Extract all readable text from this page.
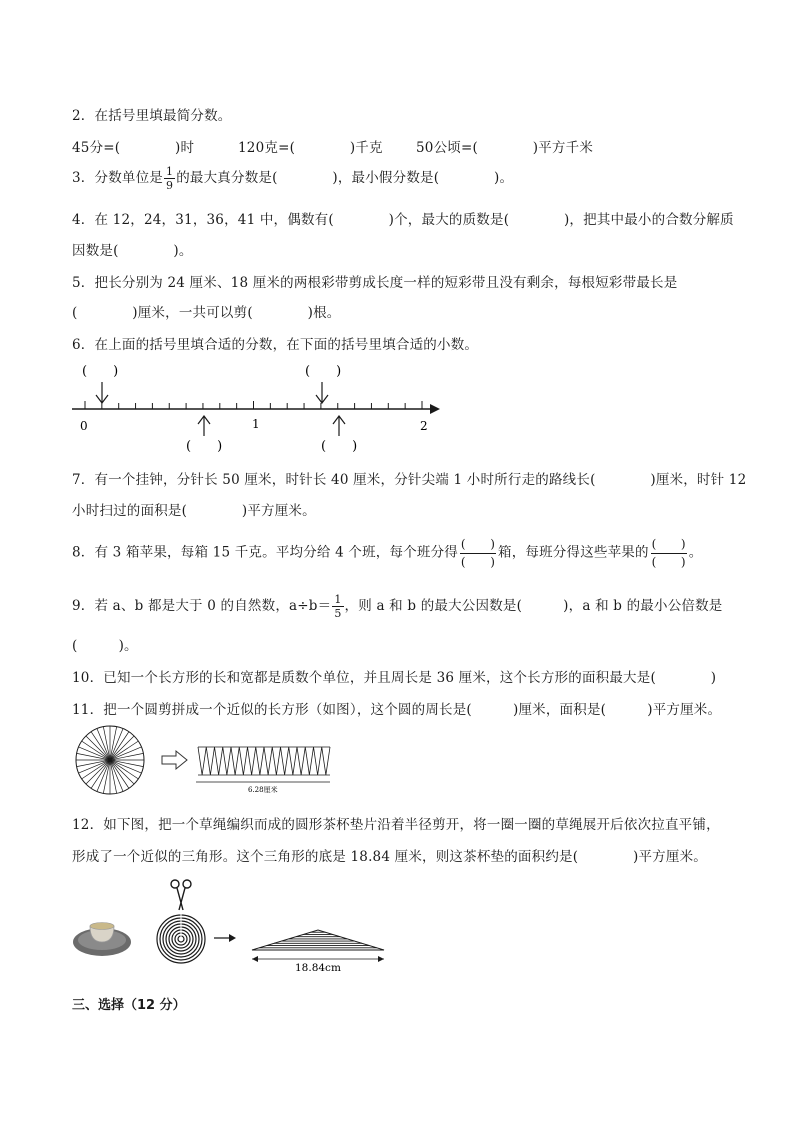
2．在括号里填最简分数。
45分=(　　　　)时	120克=(　　　　)千克 50公顷=(　　　　)平方千米
3．分数单位是 $\frac{1}{9}$ 的最大真分数是(　　　　)，最小假分数是(　　　　)。
4．在 12，24，31，36，41 中，偶数有(　　　　)个，最大的质数是(　　　　)，把其中最小的合数分解质
因数是(　　　　)。
5．把长分别为 24 厘米、18 厘米的两根彩带剪成长度一样的短彩带且没有剩余，每根短彩带最长是
(　　　　)厘米，一共可以剪(　　　　)根。
6．在上面的括号里填合适的分数，在下面的括号里填合适的小数。
(　　)	(　　)
(　　)	(　　)
0	1	2
7．有一个挂钟，分针长 50 厘米，时针长 40 厘米，分针尖端 1 小时所行走的路线长(　　　　)厘米，时针 12
小时扫过的面积是(　　　　)平方厘米。
8．有 3 箱苹果，每箱 15 千克。平均分给 4 个班，每个班分得(　　)
(　　)箱，每班分得这些苹果的(　　)
(　　)。
9．若 a、b 都是大于 0 的自然数，$a\div b= \frac{1}{5}$ ，则 a 和 b 的最大公因数是(　　　)，a 和 b 的最小公倍数是
(　　　)。
10．已知一个长方形的长和宽都是质数个单位，并且周长是 36 厘米，这个长方形的面积最大是(　　　　)
11．把一个圆剪拼成一个近似的长方形（如图），这个圆的周长是(　　　)厘米，面积是(　　　)平方厘米。
6.28厘米
12．如下图，把一个草绳编织而成的圆形茶杯垫片沿着半径剪开，将一圈一圈的草绳展开后依次拉直平铺，
形成了一个近似的三角形。这个三角形的底是 18.84 厘米，则这茶杯垫的面积约是(　　　　)平方厘米。
18.84cm
三、选择（12 分）
